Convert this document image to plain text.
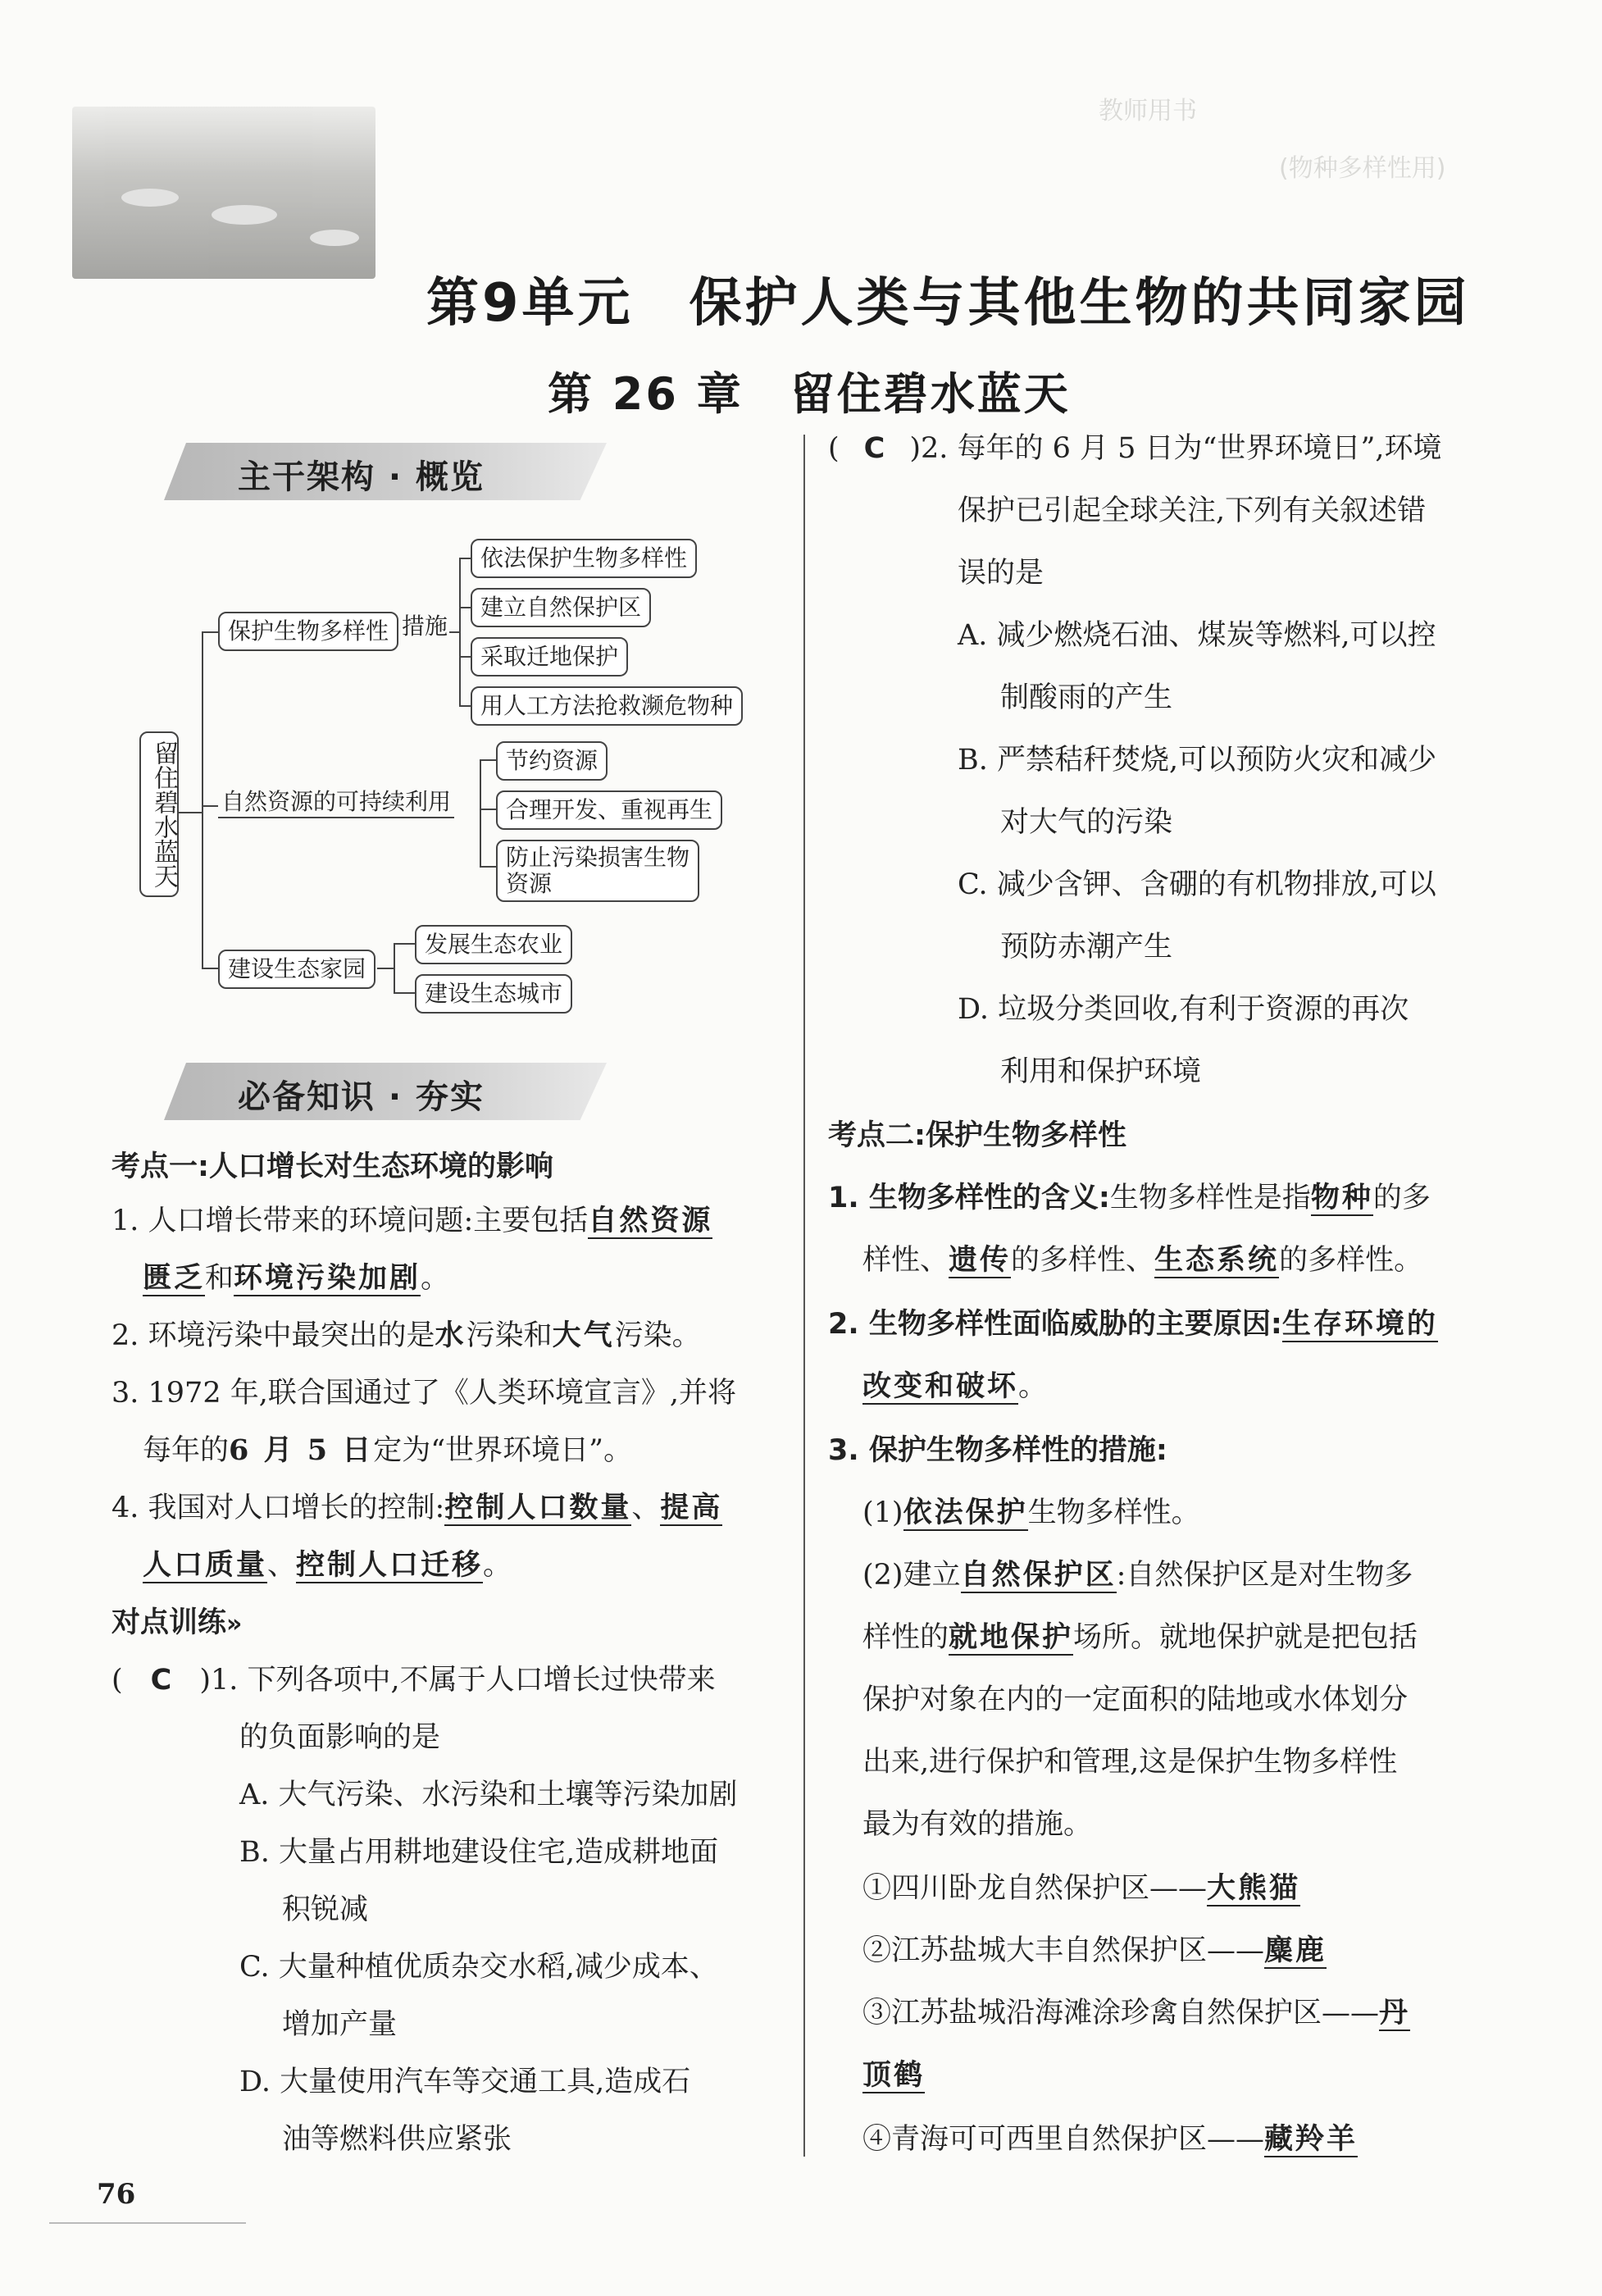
教师用书
(物种多样性用)
第9单元　保护人类与其他生物的共同家园
第 26 章　留住碧水蓝天
主干架构 · 概览
留住碧水蓝天
保护生物多样性 措施
依法保护生物多样性
建立自然保护区
采取迁地保护
用人工方法抢救濒危物种
自然资源的可持续利用
节约资源
合理开发、重视再生
防止污染损害生物
资源
建设生态家园
发展生态农业
建设生态城市
必备知识 · 夯实
考点一:人口增长对生态环境的影响
1. 人口增长带来的环境问题:主要包括自然资源
匮乏和环境污染加剧。
2. 环境污染中最突出的是水污染和大气污染。
3. 1972 年,联合国通过了《人类环境宣言》,并将
每年的6 月 5 日定为“世界环境日”。
4. 我国对人口增长的控制:控制人口数量、提高
人口质量、控制人口迁移。
对点训练»
( C )1. 下列各项中,不属于人口增长过快带来
的负面影响的是
A. 大气污染、水污染和土壤等污染加剧
B. 大量占用耕地建设住宅,造成耕地面
积锐减
C. 大量种植优质杂交水稻,减少成本、
增加产量
D. 大量使用汽车等交通工具,造成石
油等燃料供应紧张
( C )2. 每年的 6 月 5 日为“世界环境日”,环境
保护已引起全球关注,下列有关叙述错
误的是
A. 减少燃烧石油、煤炭等燃料,可以控
制酸雨的产生
B. 严禁秸秆焚烧,可以预防火灾和减少
对大气的污染
C. 减少含钾、含硼的有机物排放,可以
预防赤潮产生
D. 垃圾分类回收,有利于资源的再次
利用和保护环境
考点二:保护生物多样性
1. 生物多样性的含义:生物多样性是指物种的多
样性、遗传的多样性、生态系统的多样性。
2. 生物多样性面临威胁的主要原因:生存环境的
改变和破坏。
3. 保护生物多样性的措施:
(1)依法保护生物多样性。
(2)建立自然保护区:自然保护区是对生物多
样性的就地保护场所。就地保护就是把包括
保护对象在内的一定面积的陆地或水体划分
出来,进行保护和管理,这是保护生物多样性
最为有效的措施。
①四川卧龙自然保护区——大熊猫
②江苏盐城大丰自然保护区——麋鹿
③江苏盐城沿海滩涂珍禽自然保护区——丹
顶鹤
④青海可可西里自然保护区——藏羚羊
76
